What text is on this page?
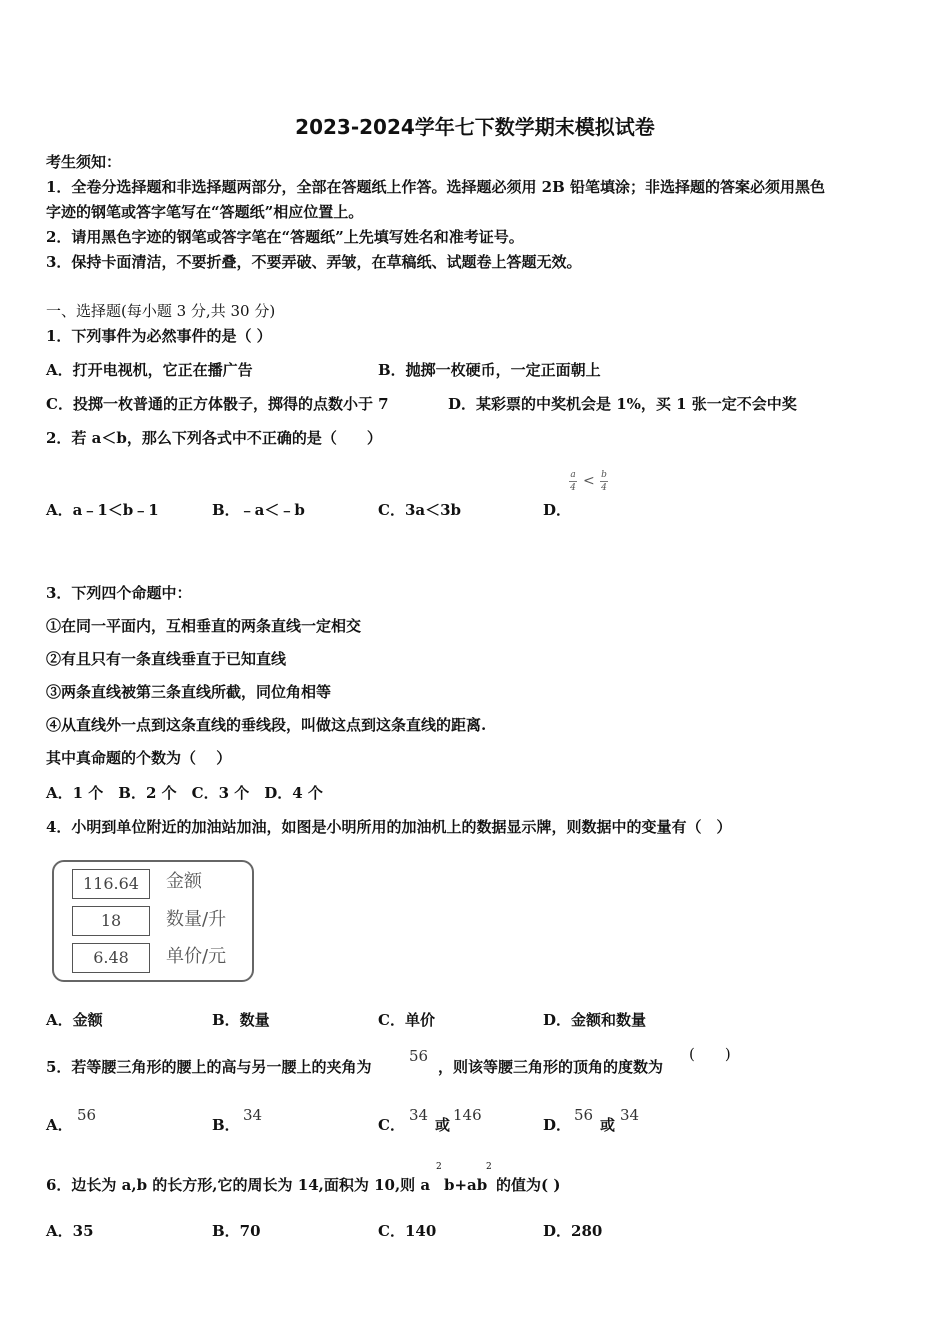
2023-2024学年七下数学期末模拟试卷
考生须知：
1．全卷分选择题和非选择题两部分，全部在答题纸上作答。选择题必须用 2B 铅笔填涂；非选择题的答案必须用黑色
字迹的钢笔或答字笔写在“答题纸”相应位置上。
2．请用黑色字迹的钢笔或答字笔在“答题纸”上先填写姓名和准考证号。
3．保持卡面清洁，不要折叠，不要弄破、弄皱，在草稿纸、试题卷上答题无效。
一、选择题(每小题 3 分,共 30 分)
1．下列事件为必然事件的是（ ）
A．打开电视机，它正在播广告	B．抛掷一枚硬币，一定正面朝上
C．投掷一枚普通的正方体骰子，掷得的点数小于 7	D．某彩票的中奖机会是 1%，买 1 张一定不会中奖
2．若 a＜b，那么下列各式中不正确的是（　　）
A．a﹣1＜b﹣1	B．﹣a＜﹣b	C．3a＜3b	D．
a
4 < b
4
3．下列四个命题中：
①在同一平面内，互相垂直的两条直线一定相交
②有且只有一条直线垂直于已知直线
③两条直线被第三条直线所截，同位角相等
④从直线外一点到这条直线的垂线段，叫做这点到这条直线的距离.
其中真命题的个数为（　 ）
A．1 个　B．2 个　C．3 个　D．4 个
4．小明到单位附近的加油站加油，如图是小明所用的加油机上的数据显示牌，则数据中的变量有（　）
116.64	金额
18	数量/升
6.48	单价/元
A．金额	B．数量	C．单价	D．金额和数量
5．若等腰三角形的腰上的高与另一腰上的夹角为
56
，则该等腰三角形的顶角的度数为
(　　)
A．
56
B．
34
C．
34
或
146
D．
56
或
34
6．边长为 a,b 的长方形,它的周长为 14,面积为 10,则 a
2
b+ab
2
的值为( )
A．35	B．70	C．140	D．280
